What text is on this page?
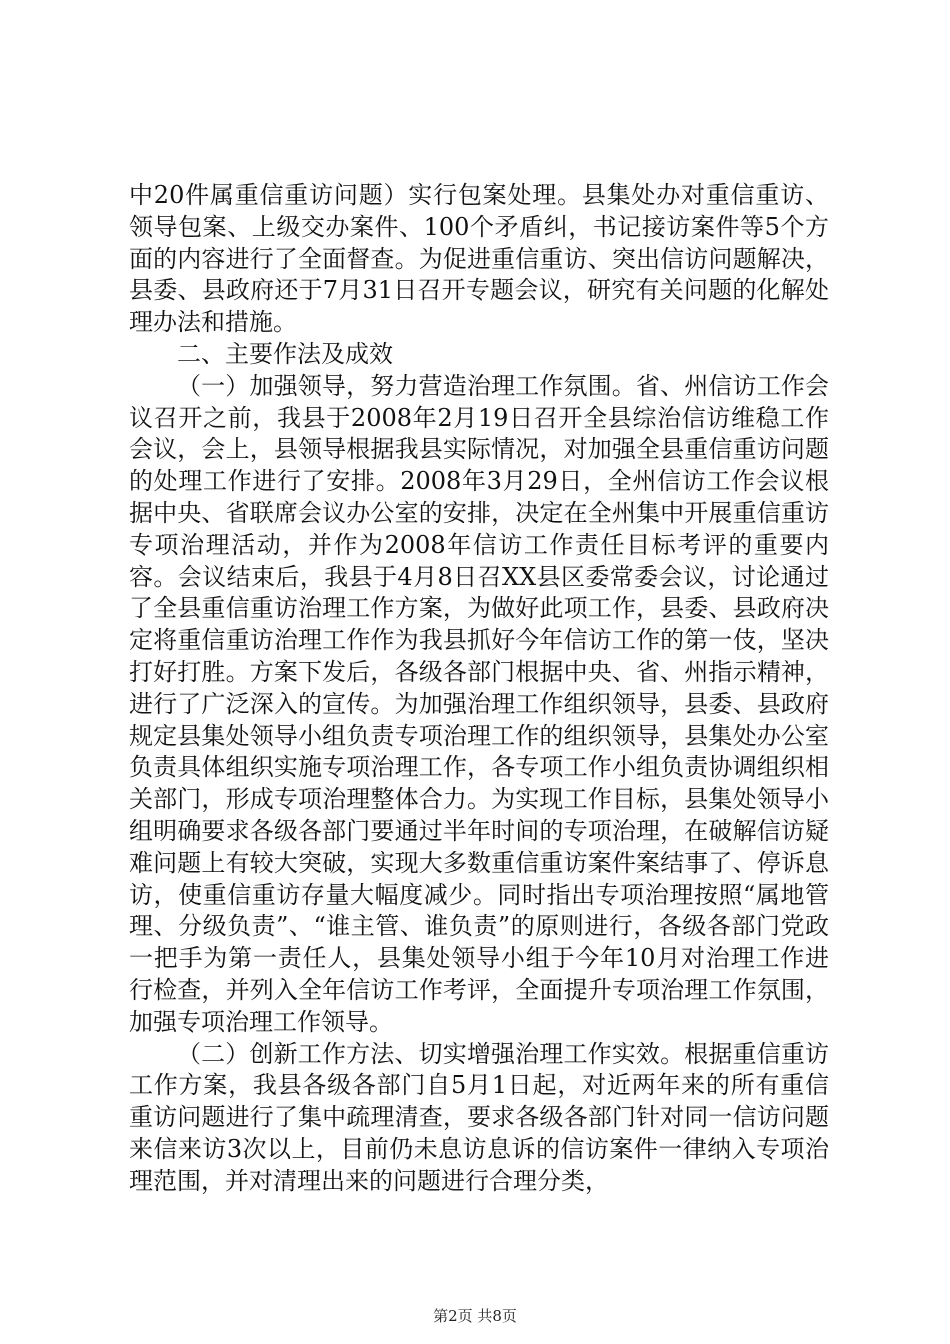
中20件属重信重访问题）实行包案处理。县集处办对重信重访、领导包案、上级交办案件、100个矛盾纠，书记接访案件等5个方面的内容进行了全面督查。为促进重信重访、突出信访问题解决，县委、县政府还于7月31日召开专题会议，研究有关问题的化解处理办法和措施。

二、主要作法及成效

（一）加强领导，努力营造治理工作氛围。省、州信访工作会议召开之前，我县于2008年2月19日召开全县综治信访维稳工作会议，会上，县领导根据我县实际情况，对加强全县重信重访问题的处理工作进行了安排。2008年3月29日，全州信访工作会议根据中央、省联席会议办公室的安排，决定在全州集中开展重信重访专项治理活动，并作为2008年信访工作责任目标考评的重要内容。会议结束后，我县于4月8日召XX县区委常委会议，讨论通过了全县重信重访治理工作方案，为做好此项工作，县委、县政府决定将重信重访治理工作作为我县抓好今年信访工作的第一伎，坚决打好打胜。方案下发后，各级各部门根据中央、省、州指示精神，进行了广泛深入的宣传。为加强治理工作组织领导，县委、县政府规定县集处领导小组负责专项治理工作的组织领导，县集处办公室负责具体组织实施专项治理工作，各专项工作小组负责协调组织相关部门，形成专项治理整体合力。为实现工作目标，县集处领导小组明确要求各级各部门要通过半年时间的专项治理，在破解信访疑难问题上有较大突破，实现大多数重信重访案件案结事了、停诉息访，使重信重访存量大幅度减少。同时指出专项治理按照“属地管理、分级负责”、“谁主管、谁负责”的原则进行，各级各部门党政一把手为第一责任人，县集处领导小组于今年10月对治理工作进行检查，并列入全年信访工作考评，全面提升专项治理工作氛围，加强专项治理工作领导。

（二）创新工作方法、切实增强治理工作实效。根据重信重访工作方案，我县各级各部门自5月1日起，对近两年来的所有重信重访问题进行了集中疏理清查，要求各级各部门针对同一信访问题来信来访3次以上，目前仍未息访息诉的信访案件一律纳入专项治理范围，并对清理出来的问题进行合理分类，

第2页 共8页
